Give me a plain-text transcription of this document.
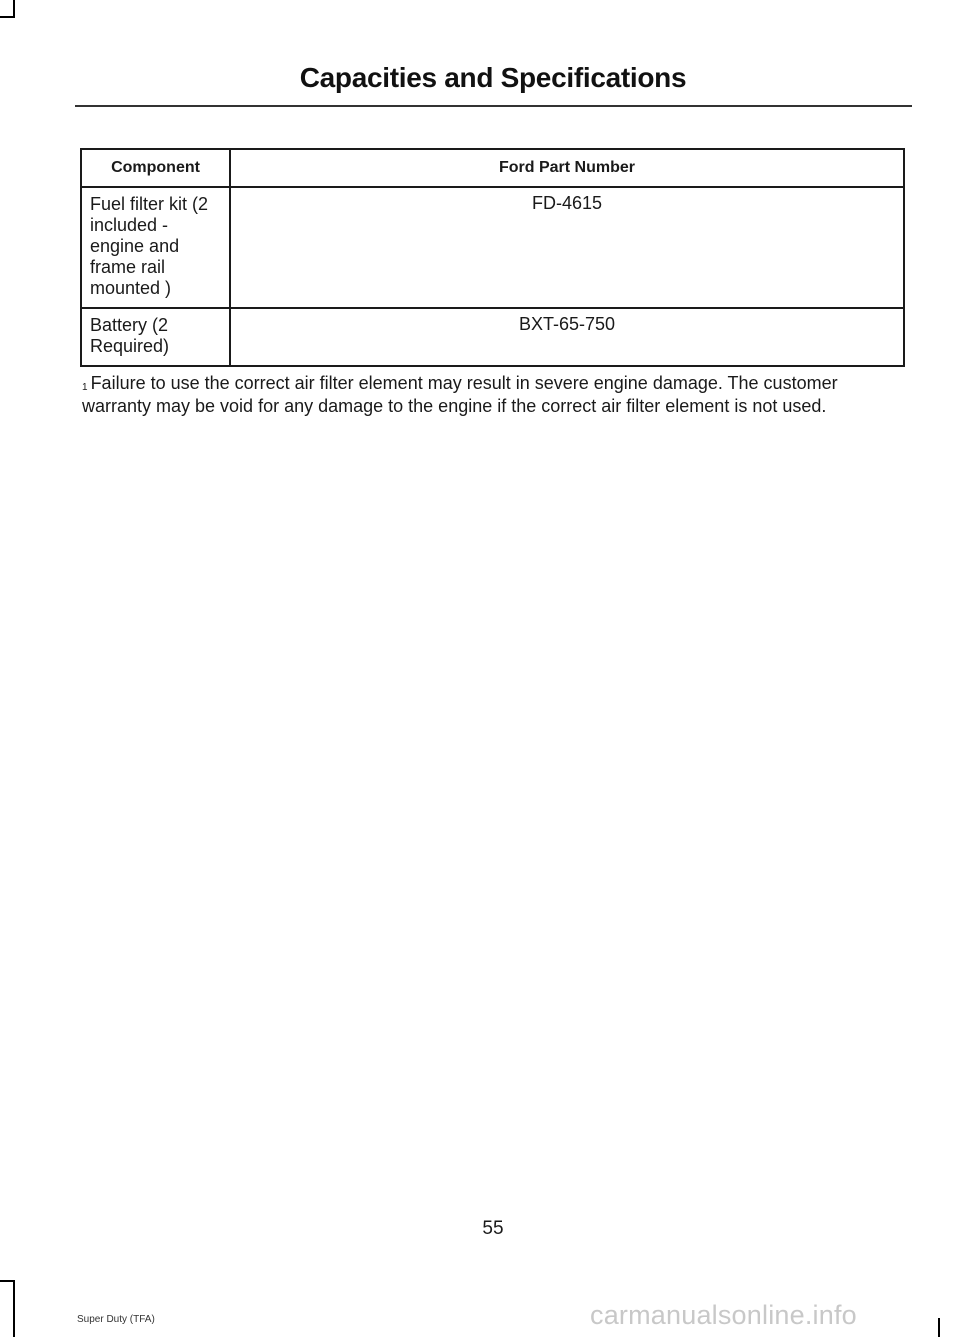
Capacities and Specifications
Component	Ford Part Number
Fuel filter kit (2 included - engine and frame rail mounted )	FD-4615
Battery (2 Required)	BXT-65-750
$^1$ Failure to use the correct air filter element may result in severe engine damage. The customer warranty may be void for any damage to the engine if the correct air filter element is not used.
55
Super Duty (TFA)	carmanualsonline.info
